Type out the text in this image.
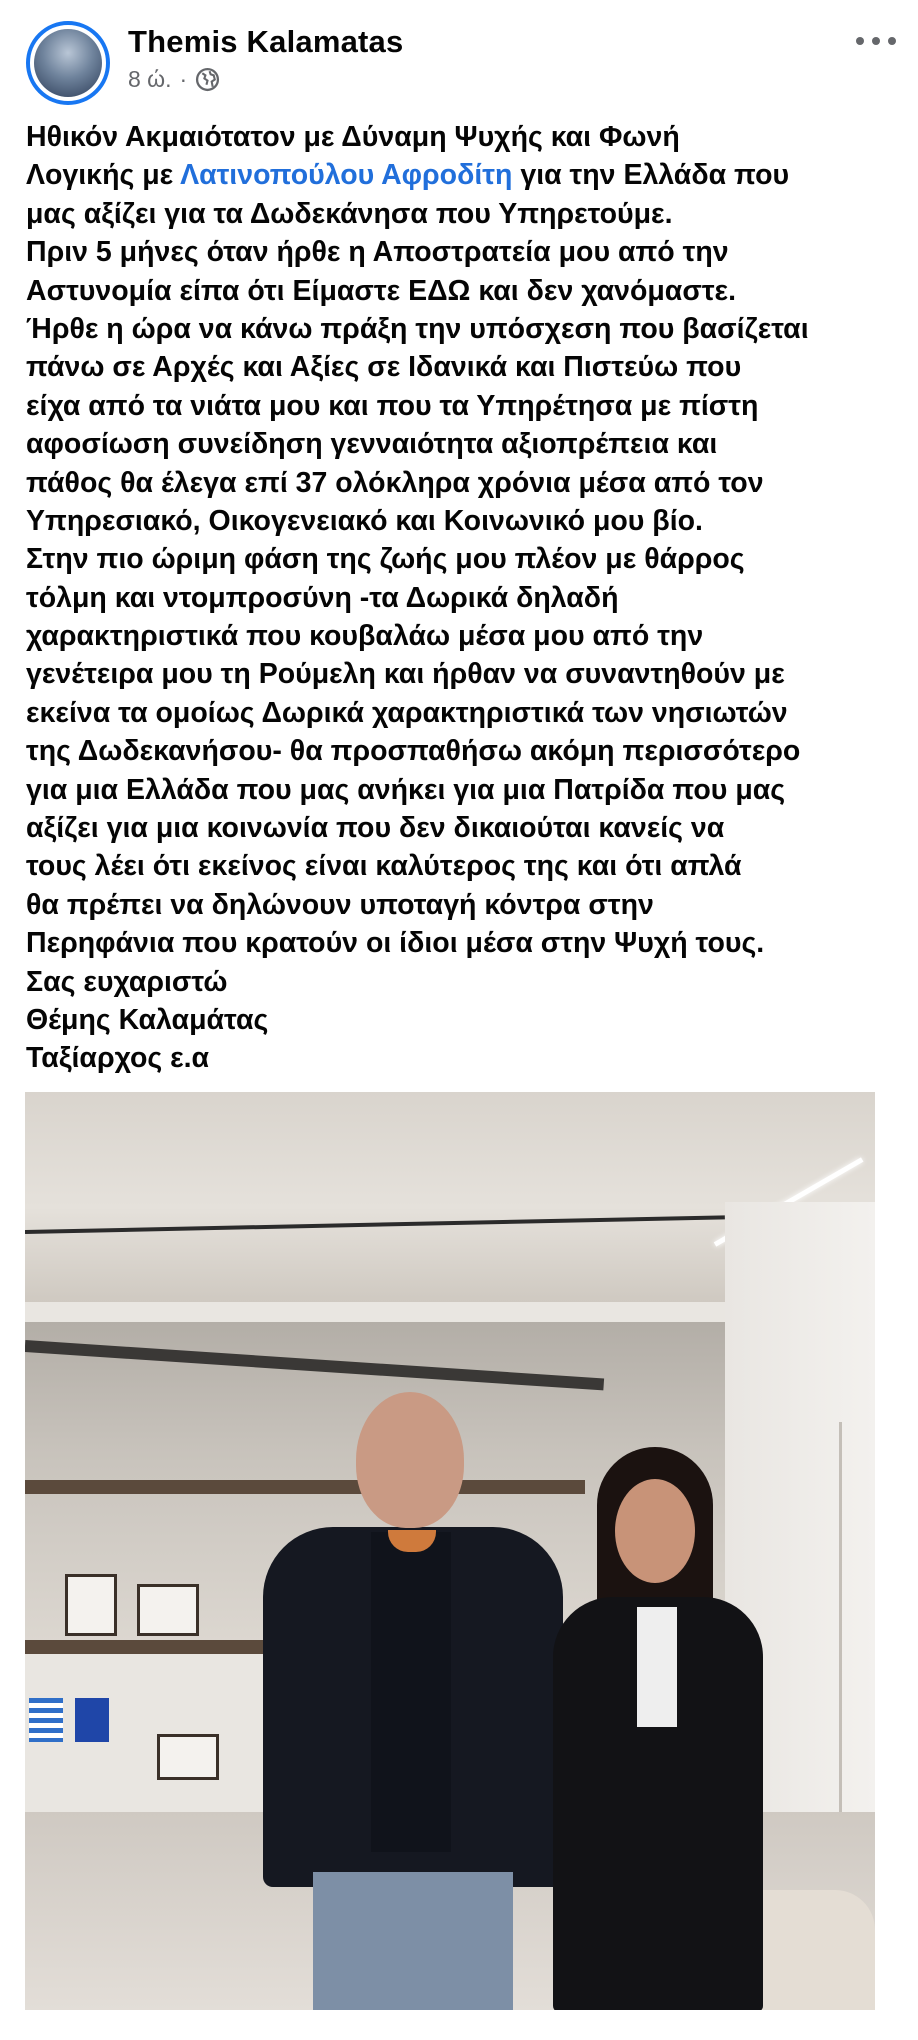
Themis Kalamatas
8 ώ. ·
Ηθικόν Ακμαιότατον με Δύναμη Ψυχής και Φωνή
Λογικής με Λατινοπούλου Αφροδίτη για την Ελλάδα που
μας αξίζει για τα Δωδεκάνησα που Υπηρετούμε.
Πριν 5 μήνες όταν ήρθε η Αποστρατεία μου από την
Αστυνομία είπα ότι Είμαστε ΕΔΩ και δεν χανόμαστε.
Ήρθε η ώρα να κάνω πράξη την υπόσχεση που βασίζεται
πάνω σε Αρχές και Αξίες σε Ιδανικά και Πιστεύω που
είχα από τα νιάτα μου και που τα Υπηρέτησα με πίστη
αφοσίωση συνείδηση γενναιότητα αξιοπρέπεια και
πάθος θα έλεγα επί 37 ολόκληρα χρόνια μέσα από τον
Υπηρεσιακό, Οικογενειακό και Κοινωνικό μου βίο.
Στην πιο ώριμη φάση της ζωής μου πλέον με θάρρος
τόλμη και ντομπροσύνη -τα Δωρικά δηλαδή
χαρακτηριστικά που κουβαλάω μέσα μου από την
γενέτειρα μου τη Ρούμελη και ήρθαν να συναντηθούν με
εκείνα τα ομοίως Δωρικά χαρακτηριστικά των νησιωτών
της Δωδεκανήσου- θα προσπαθήσω ακόμη περισσότερο
για μια Ελλάδα που μας ανήκει για μια Πατρίδα που μας
αξίζει για μια κοινωνία που δεν δικαιούται κανείς να
τους λέει ότι εκείνος είναι καλύτερος της και ότι απλά
θα πρέπει να δηλώνουν υποταγή κόντρα στην
Περηφάνια που κρατούν οι ίδιοι μέσα στην Ψυχή τους.
Σας ευχαριστώ
Θέμης Καλαμάτας
Ταξίαρχος ε.α
